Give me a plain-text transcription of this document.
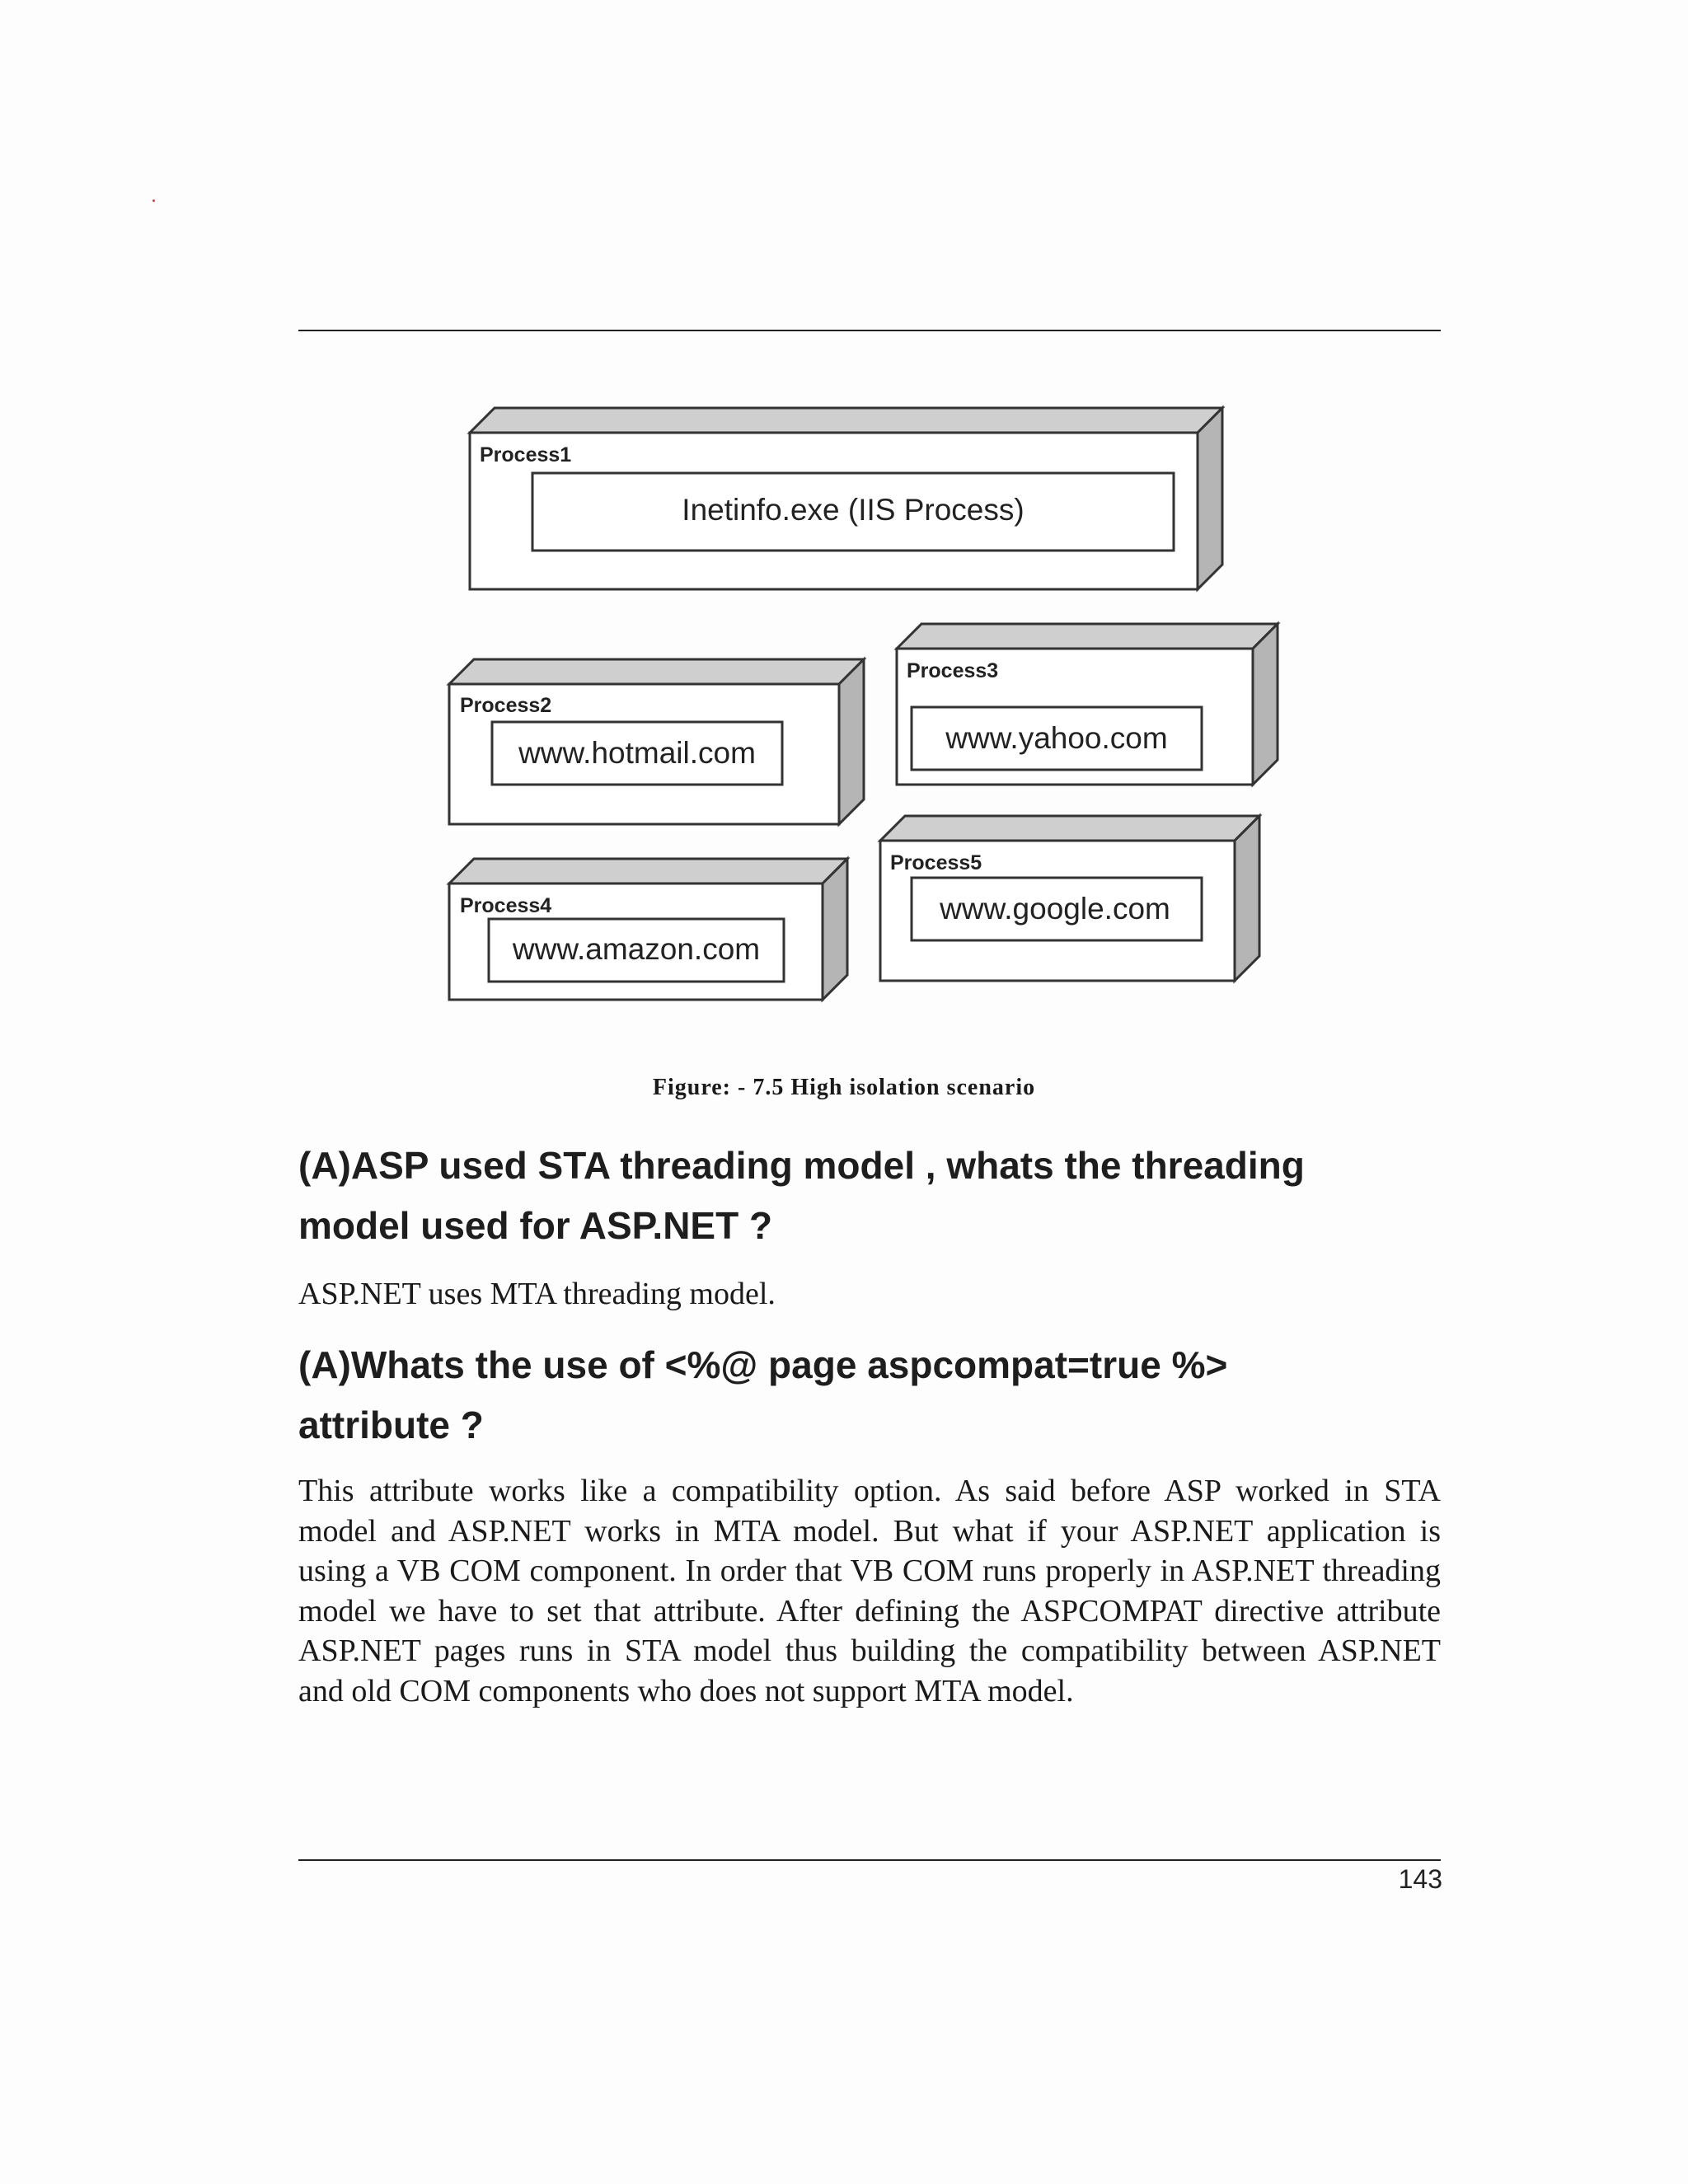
Process1
Inetinfo.exe (IIS Process)
Process2
www.hotmail.com
Process3
www.yahoo.com
Process4
www.amazon.com
Process5
www.google.com
Figure: - 7.5 High isolation scenario
(A)ASP used STA threading model , whats the threading
model used for ASP.NET ?

ASP.NET uses MTA threading model.

(A)Whats the use of <%@ page aspcompat=true %>
attribute ?

This attribute works like a compatibility option. As said before ASP worked in STA
model and ASP.NET works in MTA model. But what if your ASP.NET application is
using a VB COM component. In order that VB COM runs properly in ASP.NET threading
model we have to set that attribute. After defining the ASPCOMPAT directive attribute
ASP.NET pages runs in STA model thus building the compatibility between ASP.NET
and old COM components who does not support MTA model.

143
